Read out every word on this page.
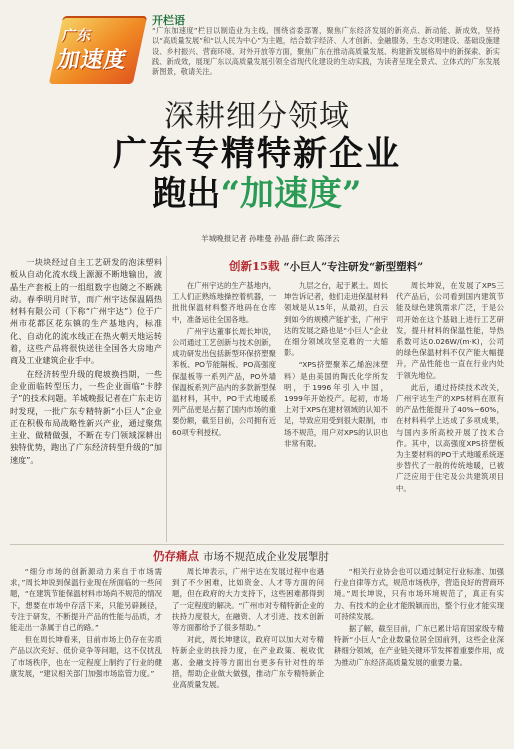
广东
加速度
开栏语
“广东加速度”栏目以制造业为主线，围绕省委部署，聚焦广东经济发展的新亮点、新动能、新成效，坚持以“高质量发展”和“以人民为中心”为主题，结合数字经济、人才创新、金融服务、生态文明建设、基础设施建设、乡村振兴、营商环境、对外开放等方面，聚焦广东在推动高质量发展、构建新发展格局中的新探索、新实践、新成效，展现广东以高质量发展引领全省现代化建设的生动实践，为读者呈现全景式、立体式的广东发展新图景，敬请关注。
深耕细分领域
广东专精特新企业
跑出“加速度”
羊城晚报记者 孙唯曼 孙晶 薛仁政 陈泽云

一块块经过自主工艺研发的泡沫塑料板从自动化流水线上源源不断地输出，液晶生产套板上的一组组数字也随之不断跳动。春季明月时节，而广州宇达保温隔热材料有限公司（下称“广州宇达”）位于广州市花都区花东镇的生产基地内，标准化、自动化的流水线正在热火朝天地运转着，这些产品将很快送往全国各大房地产商及工业建筑企业手中。

在经济转型升级的爬坡换挡期，一些企业面临转型压力，一些企业面临“卡脖子”的技术问题。羊城晚报记者在广东走访时发现，一批广东专精特新“小巨人”企业正在积极布局战略性新兴产业，通过聚焦主业、做精做强，不断在专门领域深耕出独特优势，跑出了广东经济转型升级的“加速度”。

创新15载 “小巨人”专注研发“新型塑料”

在广州宇达的生产基地内，工人们正熟练地操控着机器，一批批保温材料整齐地码在仓库中，准备运往全国各地。

广州宇达董事长周长坤说，公司通过工艺创新与技术创新，成功研发出包括新型环保挤塑聚苯板、PO节能隔板、PO高强度保温板等一系列产品，PO外墙保温板系列产品内的多款新型保温材料，其中，PO干式地暖系列产品更是占据了国内市场的重要份额，截至目前，公司拥有近60项专利授权。

九层之台，起于累土。周长坤告诉记者，他们走进保温材料领域是从15年，从最初，白云到如今的规模产能扩张，广州宇达的发展之路也是“小巨人”企业在细分领域攻坚克难的一大缩影。

“XPS挤塑聚苯乙烯泡沫塑料）是由美国的陶氏化学所发明，于1996年引入中国，1999年开始投产。起初，市场上对于XPS在建材领域的认知不足，导致应用受到很大限制，市场不规范，用户对XPS的认识也非常有限。

周长坤说，在发展了XPS三代产品后，公司看到国内建筑节能及绿色建筑需求广泛，于是公司开始在这个基础上进行工艺研发，提升材料的保温性能，导热系数可达0.026W/(m·K)，公司的绿色保温材料不仅产能大幅提升，产品性能也一直在行业内处于领先地位。

此后，通过持续技术改关，广州宇达生产的XPS材料在原有的产品性能提升了40%~60%，在材料科学上达成了多项成果，与国内多所高校开展了技术合作。其中，以高强度XPS挤塑板为主要材料的PO干式地暖系统逐步替代了一般的传统地暖，已被广泛应用于住宅及公共建筑项目中。

仍存痛点 市场不规范成企业发展掣肘

“细分市场的创新源动力来自于市场需求，”周长坤说到保温行业现在所面临的一些问题，“在建筑节能保温材料市场尚不规范的情况下，想要在市场中存活下来，只能另辟蹊径，专注于研发，不断提升产品的性能与品质，才能走出一条属于自己的路。”

但在周长坤看来，目前市场上仍存在劣质产品以次充好、低价竞争等问题，这不仅扰乱了市场秩序，也在一定程度上制约了行业的健康发展，“建议相关部门加强市场监管力度。”

周长坤表示，广州宇达在发展过程中也遇到了不少困难，比如资金、人才等方面的问题，但在政府的大力支持下，这些困难都得到了一定程度的解决。“广州市对专精特新企业的扶持力度很大，在融资、人才引进、技术创新等方面都给予了很多帮助。”

对此，周长坤建议，政府可以加大对专精特新企业的扶持力度，在产业政策、税收优惠、金融支持等方面出台更多有针对性的举措，帮助企业做大做强，推动广东专精特新企业高质量发展。

“相关行业协会也可以通过制定行业标准、加强行业自律等方式，规范市场秩序，营造良好的营商环境。”周长坤说，只有市场环境规范了，真正有实力、有技术的企业才能脱颖而出，整个行业才能实现可持续发展。

据了解，截至目前，广东已累计培育国家级专精特新“小巨人”企业数量位居全国前列，这些企业深耕细分领域，在产业链关键环节发挥着重要作用，成为推动广东经济高质量发展的重要力量。
